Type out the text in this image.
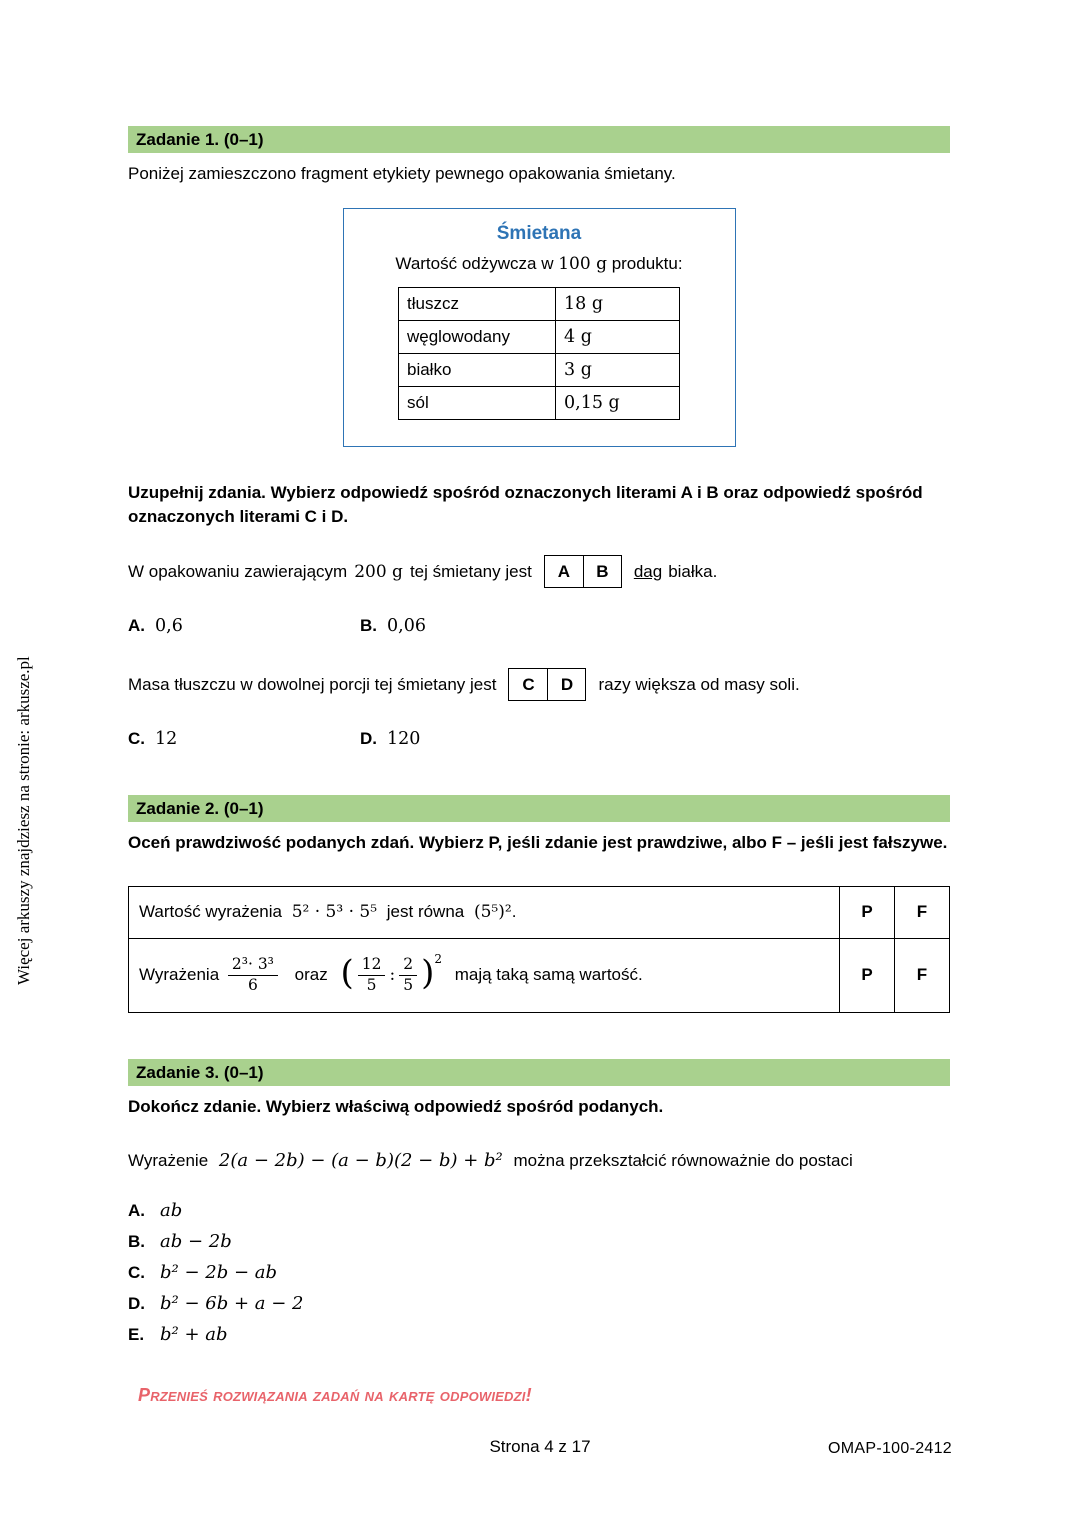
Więcej arkuszy znajdziesz na stronie: arkusze.pl
Zadanie 1. (0–1)
Poniżej zamieszczono fragment etykiety pewnego opakowania śmietany.
Śmietana
Wartość odżywcza w 100 g produktu:
tłuszcz	18 g
węglowodany	4 g
białko	3 g
sól	0,15 g
Uzupełnij zdania. Wybierz odpowiedź spośród oznaczonych literami A i B oraz odpowiedź spośród oznaczonych literami C i D.
W opakowaniu zawierającym 200 g tej śmietany jest	A	B	dag białka.
A. 0,6	B. 0,06
Masa tłuszczu w dowolnej porcji tej śmietany jest	C	D	razy większa od masy soli.
C. 12	D. 120
Zadanie 2. (0–1)
Oceń prawdziwość podanych zdań. Wybierz P, jeśli zdanie jest prawdziwe, albo F – jeśli jest fałszywe.
Wartość wyrażenia 5² · 5³ · 5⁵ jest równa (5⁵)².	P	F
Wyrażenia $\frac{\text{2³· 3³}}{6}$ oraz ( $\frac{12}{5}$ : $\frac{2}{5} )^2$ mają taką samą wartość.	P	F
Zadanie 3. (0–1)
Dokończ zdanie. Wybierz właściwą odpowiedź spośród podanych.
Wyrażenie 2(a − 2b) − (a − b)(2 − b) + b² można przekształcić równoważnie do postaci
A. ab
B. ab − 2b
C. b² − 2b − ab
D. b² − 6b + a − 2
E. b² + ab
Przenieś rozwiązania zadań na kartę odpowiedzi!
Strona 4 z 17	OMAP-100-2412
